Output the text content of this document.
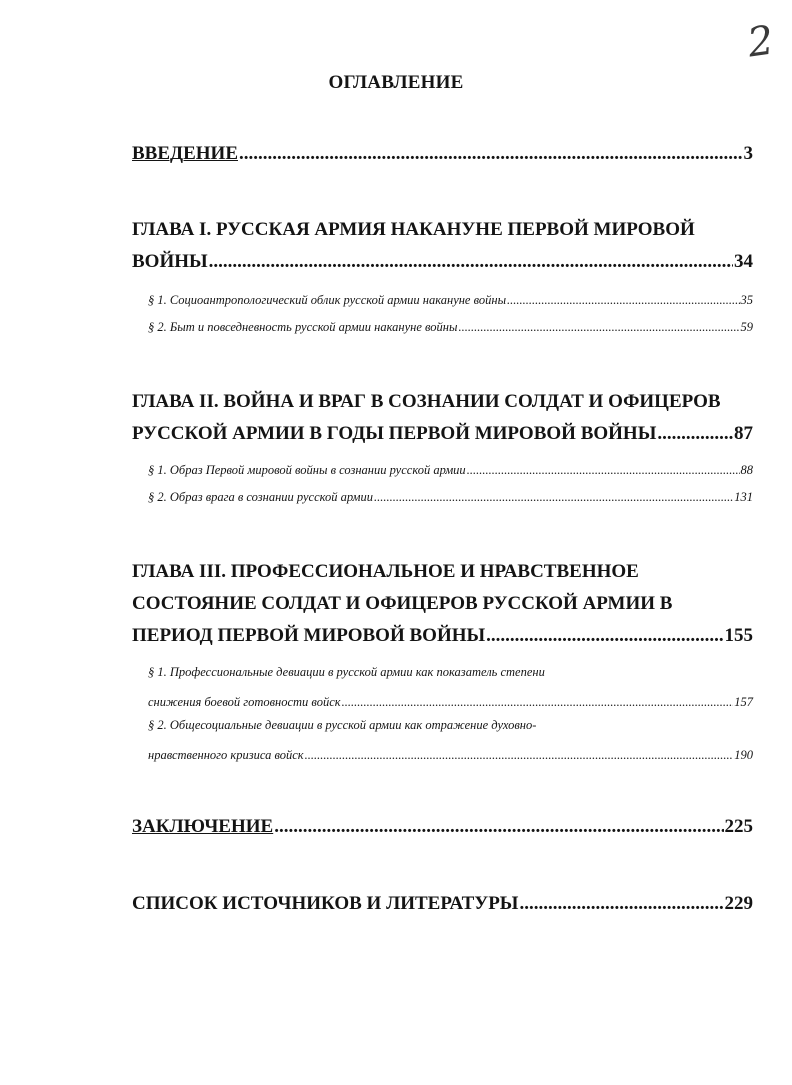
2
ОГЛАВЛЕНИЕ
ВВЕДЕНИЕ .....	3
ГЛАВА I. РУССКАЯ АРМИЯ НАКАНУНЕ ПЕРВОЙ МИРОВОЙ
ВОЙНЫ .....	34
§ 1. Социоантропологический облик русской армии накануне войны .....	35
§ 2. Быт и повседневность русской армии накануне войны .....	59
ГЛАВА II. ВОЙНА И ВРАГ В СОЗНАНИИ СОЛДАТ И ОФИЦЕРОВ
РУССКОЙ АРМИИ В ГОДЫ ПЕРВОЙ МИРОВОЙ ВОЙНЫ .....	87
§ 1. Образ Первой мировой войны в сознании русской армии .....	88
§ 2. Образ врага в сознании русской армии .....	131
ГЛАВА III. ПРОФЕССИОНАЛЬНОЕ И НРАВСТВЕННОЕ
СОСТОЯНИЕ СОЛДАТ И ОФИЦЕРОВ РУССКОЙ АРМИИ В
ПЕРИОД ПЕРВОЙ МИРОВОЙ ВОЙНЫ .....	155
§ 1. Профессиональные девиации в русской армии как показатель степени
снижения боевой готовности войск .....	157
§ 2. Общесоциальные девиации в русской армии как отражение духовно-
нравственного кризиса войск .....	190
ЗАКЛЮЧЕНИЕ .....	225
СПИСОК ИСТОЧНИКОВ И ЛИТЕРАТУРЫ .....	229
